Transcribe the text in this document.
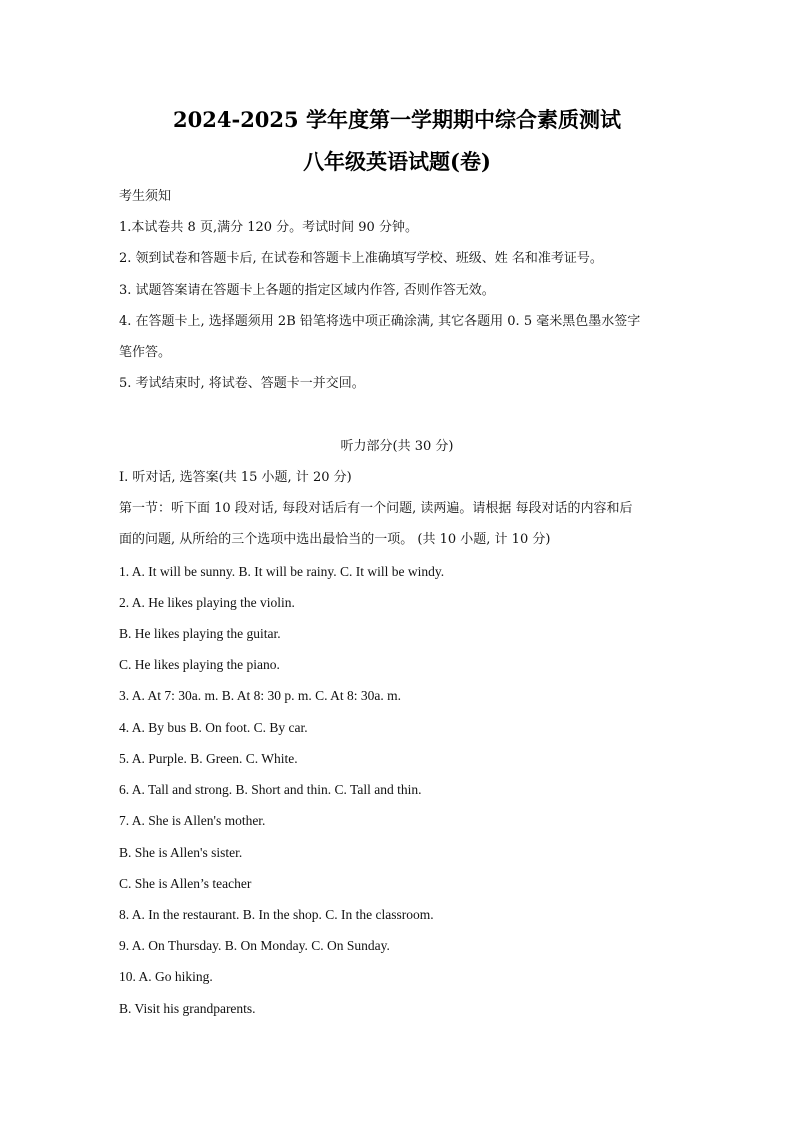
2024-2025 学年度第一学期期中综合素质测试
八年级英语试题(卷)

考生须知

1.本试卷共 8 页,满分 120 分。考试时间 90 分钟。

2. 领到试卷和答题卡后, 在试卷和答题卡上准确填写学校、班级、姓 名和准考证号。

3. 试题答案请在答题卡上各题的指定区域内作答, 否则作答无效。

4. 在答题卡上, 选择题须用 2B 铅笔将选中项正确涂满, 其它各题用 0. 5 毫米黑色墨水签字

笔作答。

5. 考试结束时, 将试卷、答题卡一并交回。

听力部分(共 30 分)

I. 听对话, 选答案(共 15 小题, 计 20 分)

第一节：听下面 10 段对话, 每段对话后有一个问题, 读两遍。请根据 每段对话的内容和后

面的问题, 从所给的三个选项中选出最恰当的一项。 (共 10 小题, 计 10 分)

1. A. It will be sunny. B. It will be rainy. C. It will be windy.

2. A. He likes playing the violin.

B. He likes playing the guitar.

C. He likes playing the piano.

3. A. At 7: 30a. m. B. At 8: 30 p. m. C. At 8: 30a. m.

4. A. By bus B. On foot. C. By car.

5. A. Purple. B. Green. C. White.

6. A. Tall and strong. B. Short and thin. C. Tall and thin.

7. A. She is Allen's mother.

B. She is Allen's sister.

C. She is Allen’s teacher

8. A. In the restaurant. B. In the shop. C. In the classroom.

9. A. On Thursday. B. On Monday. C. On Sunday.

10. A. Go hiking.

B. Visit his grandparents.
